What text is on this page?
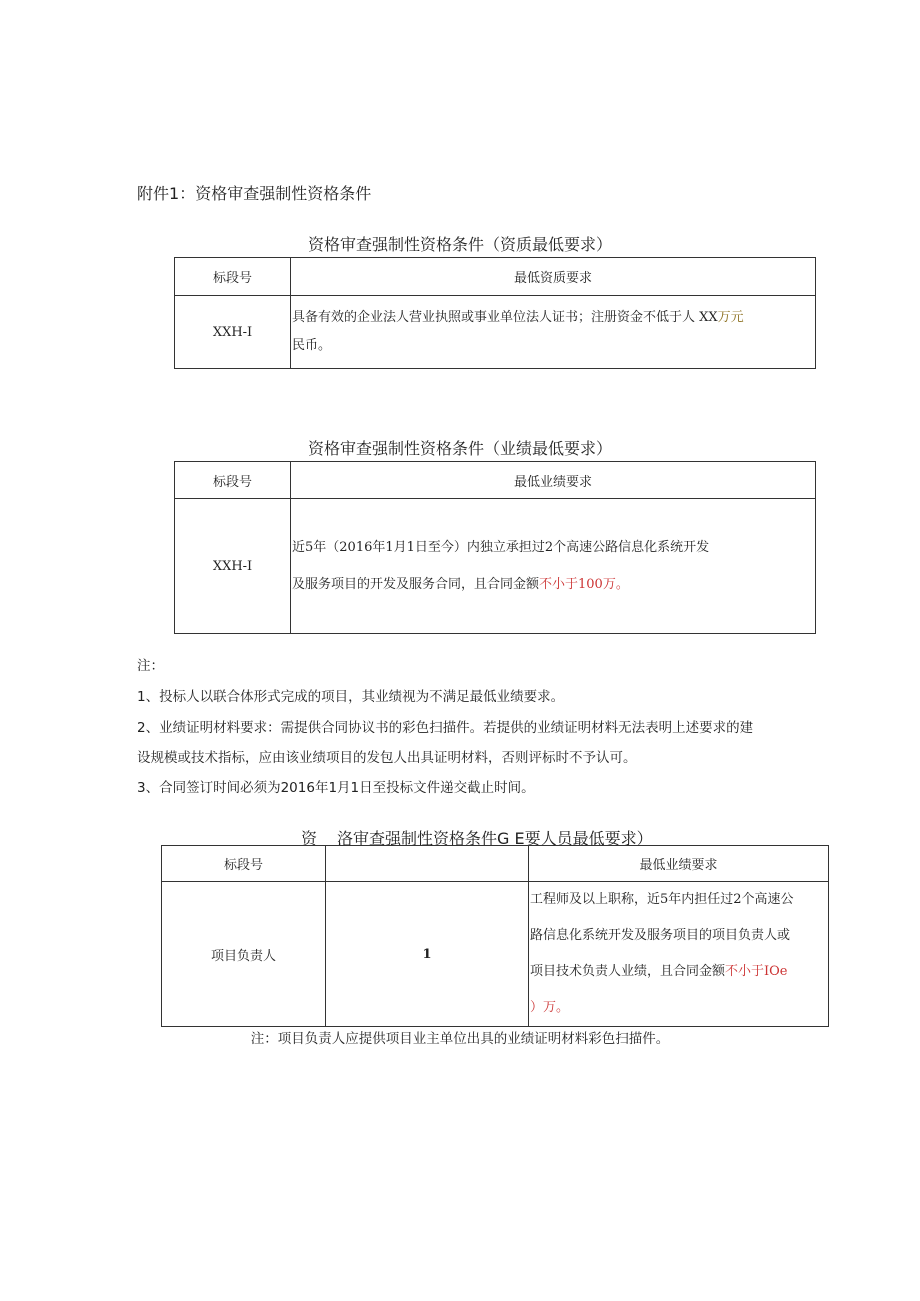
附件1：资格审查强制性资格条件
资格审查强制性资格条件（资质最低要求）
标段号	最低资质要求
XXH-I	具备有效的企业法人营业执照或事业单位法人证书；注册资金不低于人 XX万元
民币。
资格审查强制性资格条件（业绩最低要求）
标段号	最低业绩要求
XXH-I	近5年（2016年1月1日至今）内独立承担过2个高速公路信息化系统开发
及服务项目的开发及服务合同，且合同金额不小于100万。
注：
1、投标人以联合体形式完成的项目，其业绩视为不满足最低业绩要求。
2、业绩证明材料要求：需提供合同协议书的彩色扫描件。若提供的业绩证明材料无法表明上述要求的建
设规模或技术指标，应由该业绩项目的发包人出具证明材料，否则评标时不予认可。
3、合同签订时间必须为2016年1月1日至投标文件递交截止时间。
资 洛审查强制性资格条件G E要人员最低要求）
标段号		最低业绩要求
项目负责人	1	工程师及以上职称，近5年内担任过2个高速公
路信息化系统开发及服务项目的项目负责人或
项目技术负责人业绩，且合同金额不小于IOe
）万。
注：项目负责人应提供项目业主单位出具的业绩证明材料彩色扫描件。
